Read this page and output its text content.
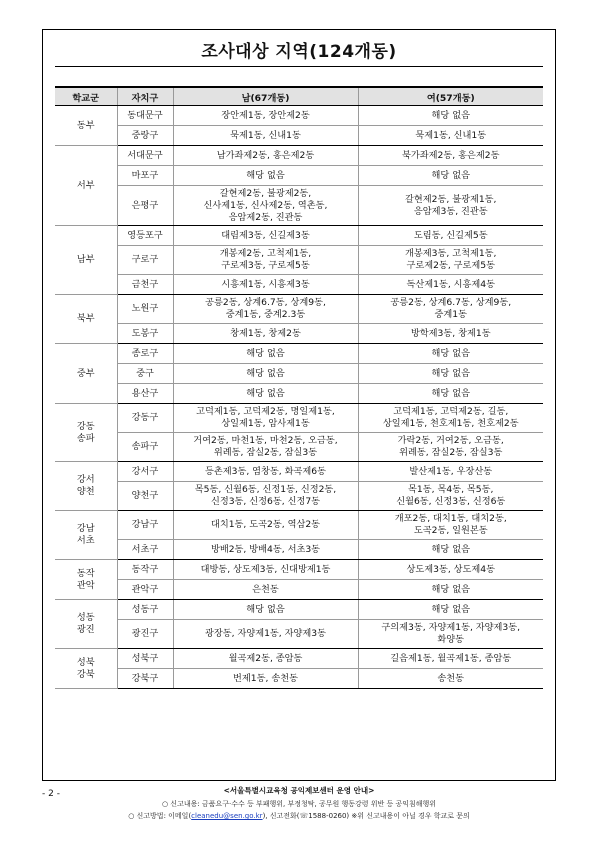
조사대상 지역(124개동)
학교군	자치구	남(67개동)	여(57개동)

동부	동대문구	장안제1동, 장안제2동	해당 없음

	중랑구	묵제1동, 신내1동	묵제1동, 신내1동

서부	서대문구	남가좌제2동, 홍은제2동	북가좌제2동, 홍은제2동

	마포구	해당 없음	해당 없음

	은평구	갈현제2동, 불광제2동,
신사제1동, 신사제2동, 역촌동,
응암제2동, 진관동	갈현제2동, 불광제1동,
응암제3동, 진관동

남부	영등포구	대림제3동, 신길제3동	도림동, 신길제5동

	구로구	개봉제2동, 고척제1동,
구로제3동, 구로제5동	개봉제3동, 고척제1동,
구로제2동, 구로제5동

	금천구	시흥제1동, 시흥제3동	독산제1동, 시흥제4동

북부	노원구	공릉2동, 상계6.7동, 상계9동,
중계1동, 중계2.3동	공릉2동, 상계6.7동, 상계9동,
중계1동

	도봉구	창제1동, 창제2동	방학제3동, 창제1동

중부	종로구	해당 없음	해당 없음

	중구	해당 없음	해당 없음

	용산구	해당 없음	해당 없음

강동
송파	강동구	고덕제1동, 고덕제2동, 명일제1동,
상일제1동, 암사제1동	고덕제1동, 고덕제2동, 길동,
상일제1동, 천호제1동, 천호제2동

	송파구	거여2동, 마천1동, 마천2동, 오금동,
위례동, 잠실2동, 잠실3동	가락2동, 거여2동, 오금동,
위례동, 잠실2동, 잠실3동

강서
양천	강서구	등촌제3동, 염창동, 화곡제6동	발산제1동, 우장산동

	양천구	목5동, 신월6동, 신정1동, 신정2동,
신정3동, 신정6동, 신정7동	목1동, 목4동, 목5동,
신월6동, 신정3동, 신정6동

강남
서초	강남구	대치1동, 도곡2동, 역삼2동	개포2동, 대치1동, 대치2동,
도곡2동, 일원본동

	서초구	방배2동, 방배4동, 서초3동	해당 없음

동작
관악	동작구	대방동, 상도제3동, 신대방제1동	상도제3동, 상도제4동

	관악구	은천동	해당 없음

성동
광진	성동구	해당 없음	해당 없음

	광진구	광장동, 자양제1동, 자양제3동	구의제3동, 자양제1동, 자양제3동,
화양동

성북
강북	성북구	월곡제2동, 종암동	길음제1동, 월곡제1동, 종암동

	강북구	번제1동, 송천동	송천동
- 2 -	<서울특별시교육청 공익제보센터 운영 안내>
○ 신고내용: 금품요구·수수 등 부패행위, 부정청탁, 공무원 행동강령 위반 등 공익침해행위
○ 신고방법: 이메일(cleanedu@sen.go.kr), 신고전화(☏1588-0260) ※위 신고내용이 아닐 경우 학교로 문의
